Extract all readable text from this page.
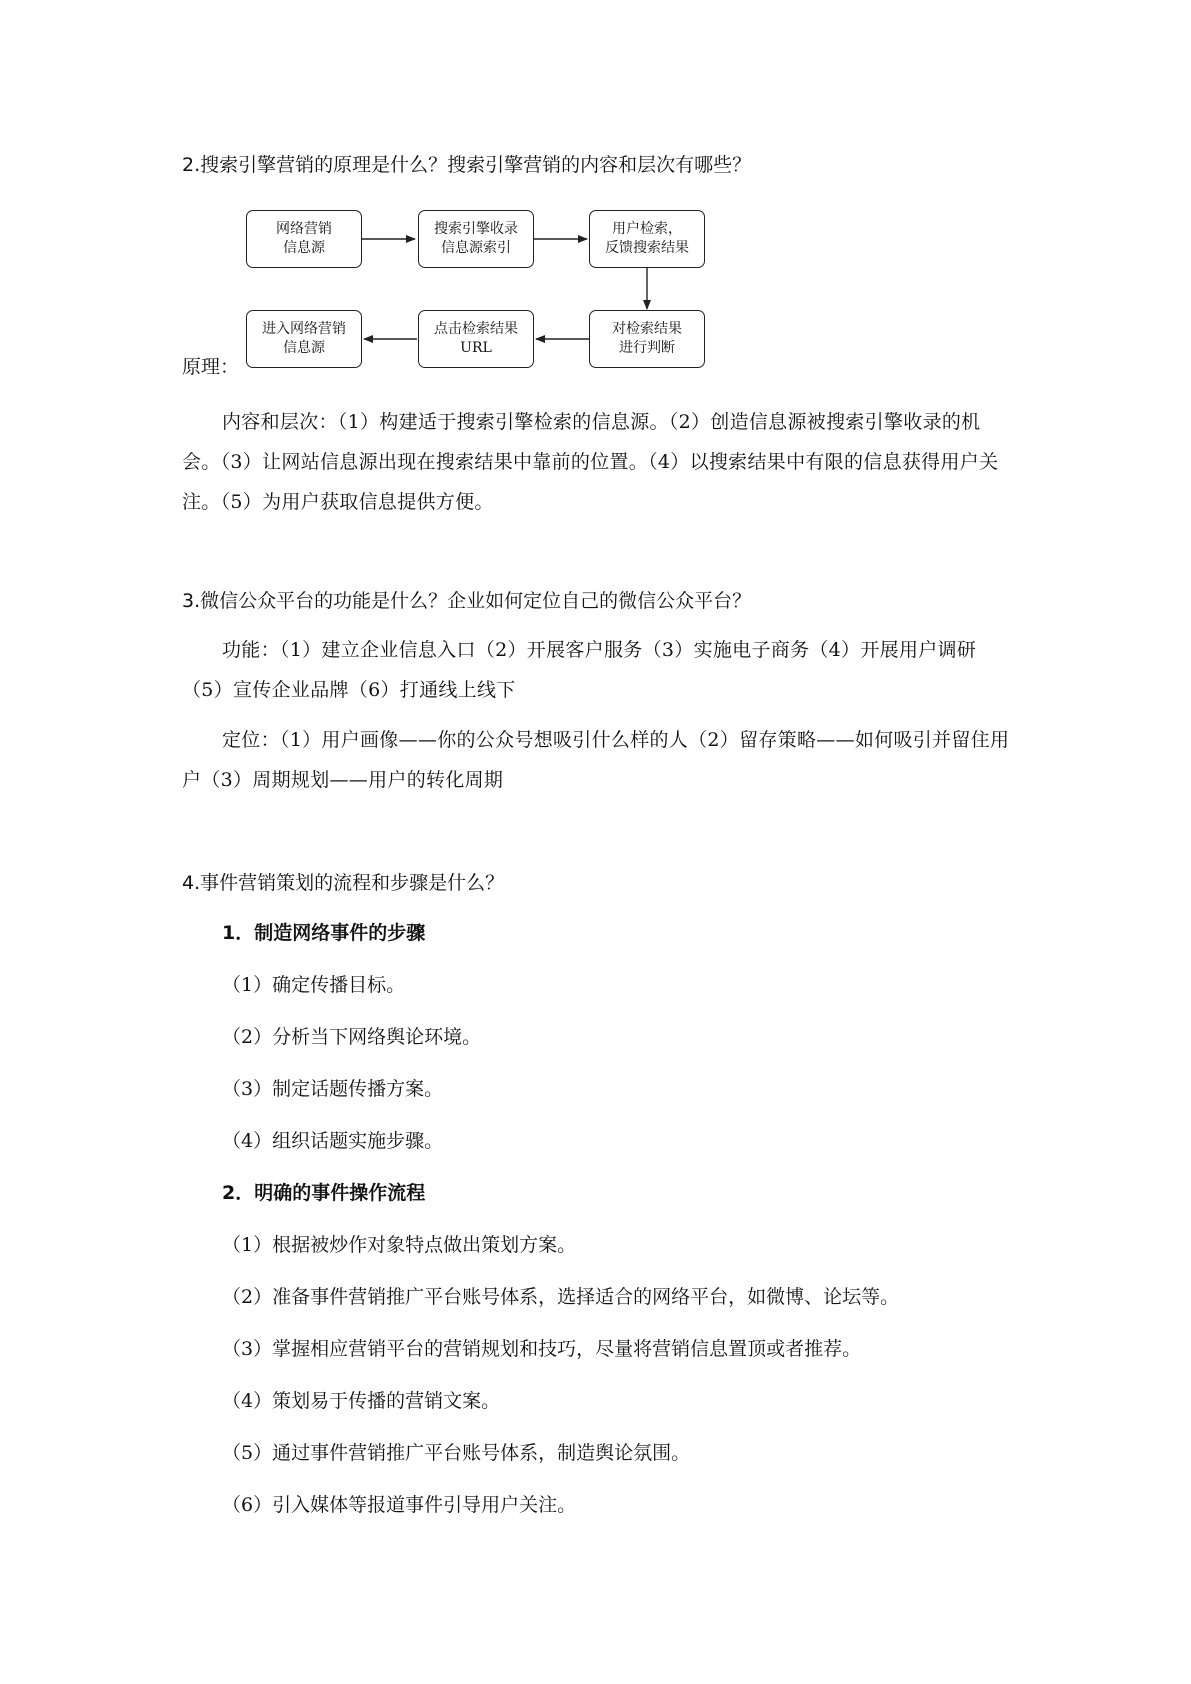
2.搜索引擎营销的原理是什么？搜索引擎营销的内容和层次有哪些？
网络营销
信息源
搜索引擎收录
信息源索引
用户检索，
反馈搜索结果
对检索结果
进行判断
点击检索结果
URL
进入网络营销
信息源
原理：
内容和层次：（1）构建适于搜索引擎检索的信息源。（2）创造信息源被搜索引擎收录的机会。（3）让网站信息源出现在搜索结果中靠前的位置。（4）以搜索结果中有限的信息获得用户关注。（5）为用户获取信息提供方便。
3.微信公众平台的功能是什么？企业如何定位自己的微信公众平台？
功能：（1）建立企业信息入口（2）开展客户服务（3）实施电子商务（4）开展用户调研（5）宣传企业品牌（6）打通线上线下
定位：（1）用户画像——你的公众号想吸引什么样的人（2）留存策略——如何吸引并留住用户（3）周期规划——用户的转化周期
4.事件营销策划的流程和步骤是什么？
1．制造网络事件的步骤
（1）确定传播目标。
（2）分析当下网络舆论环境。
（3）制定话题传播方案。
（4）组织话题实施步骤。
2．明确的事件操作流程
（1）根据被炒作对象特点做出策划方案。
（2）准备事件营销推广平台账号体系，选择适合的网络平台，如微博、论坛等。
（3）掌握相应营销平台的营销规划和技巧，尽量将营销信息置顶或者推荐。
（4）策划易于传播的营销文案。
（5）通过事件营销推广平台账号体系，制造舆论氛围。
（6）引入媒体等报道事件引导用户关注。
